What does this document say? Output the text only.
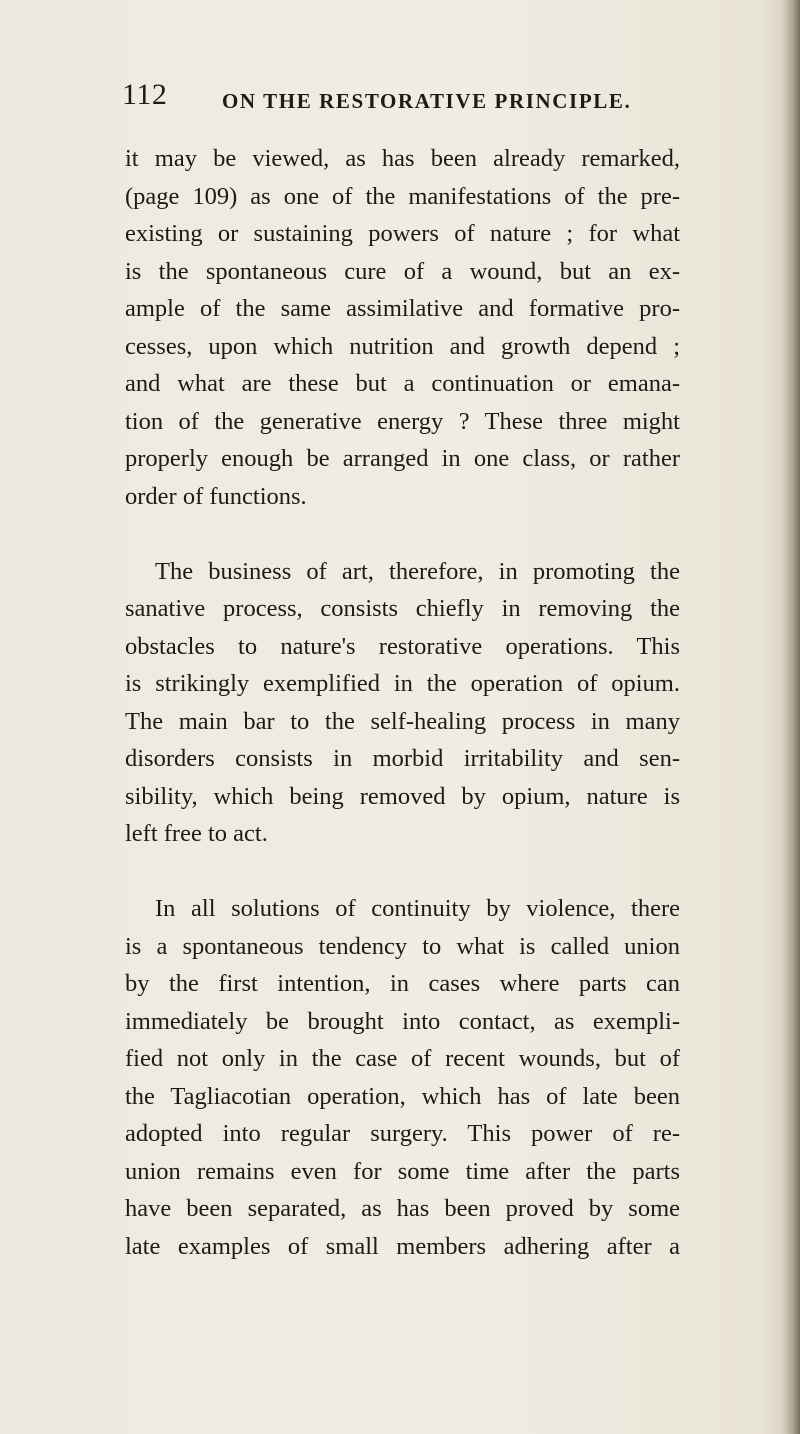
112	ON THE RESTORATIVE PRINCIPLE.
it may be viewed, as has been already remarked,
(page 109) as one of the manifestations of the pre-
existing or sustaining powers of nature ; for what
is the spontaneous cure of a wound, but an ex-
ample of the same assimilative and formative pro-
cesses, upon which nutrition and growth depend ;
and what are these but a continuation or emana-
tion of the generative energy ? These three might
properly enough be arranged in one class, or rather
order of functions.
The business of art, therefore, in promoting the
sanative process, consists chiefly in removing the
obstacles to nature's restorative operations. This
is strikingly exemplified in the operation of opium.
The main bar to the self-healing process in many
disorders consists in morbid irritability and sen-
sibility, which being removed by opium, nature is
left free to act.
In all solutions of continuity by violence, there
is a spontaneous tendency to what is called union
by the first intention, in cases where parts can
immediately be brought into contact, as exempli-
fied not only in the case of recent wounds, but of
the Tagliacotian operation, which has of late been
adopted into regular surgery. This power of re-
union remains even for some time after the parts
have been separated, as has been proved by some
late examples of small members adhering after a
